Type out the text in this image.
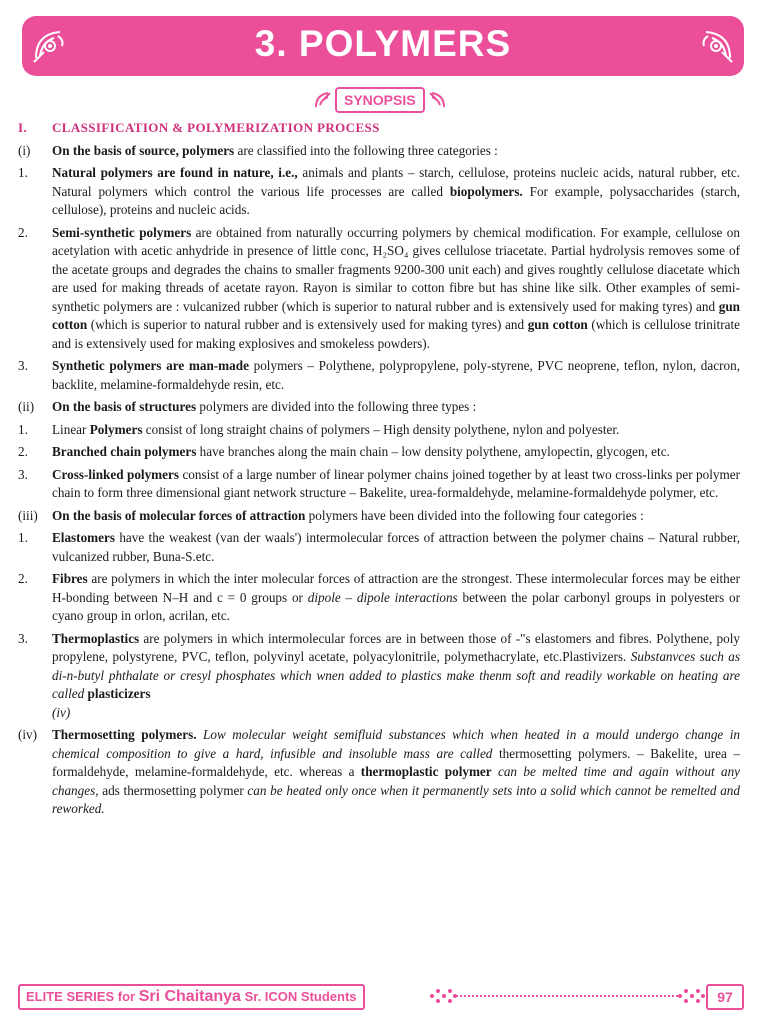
3. POLYMERS
SYNOPSIS
I.	CLASSIFICATION & POLYMERIZATION PROCESS
(i)	On the basis of source, polymers are classified into the following three categories :
1.	Natural polymers are found in nature, i.e., animals and plants – starch, cellulose, proteins nucleic acids, natural rubber, etc. Natural polymers which control the various life processes are called biopolymers. For example, polysaccharides (starch, cellulose), proteins and nucleic acids.
2.	Semi-synthetic polymers are obtained from naturally occurring polymers by chemical modification. For example, cellulose on acetylation with acetic anhydride in presence of little conc, H₂SO₄ gives cellulose triacetate. Partial hydrolysis removes some of the acetate groups and degrades the chains to smaller fragments 9200-300 unit each) and gives roughtly cellulose diacetate which are used for making threads of acetate rayon. Rayon is similar to cotton fibre but has shine like silk. Other examples of semi-synthetic polymers are : vulcanized rubber (which is superior to natural rubber and is extensively used for making tyres) and gun cotton (which is superior to natural rubber and is extensively used for making tyres) and gun cotton (which is cellulose trinitrate and is extensively used for making explosives and smokeless powders).
3.	Synthetic polymers are man-made polymers – Polythene, polypropylene, poly-styrene, PVC neoprene, teflon, nylon, dacron, backlite, melamine-formaldehyde resin, etc.
(ii)	On the basis of structures polymers are divided into the following three types :
1.	Linear Polymers consist of long straight chains of polymers – High density polythene, nylon and polyester.
2.	Branched chain polymers have branches along the main chain – low density polythene, amylopectin, glycogen, etc.
3.	Cross-linked polymers consist of a large number of linear polymer chains joined together by at least two cross-links per polymer chain to form three dimensional giant network structure – Bakelite, urea-formaldehyde, melamine-formaldehyde polymer, etc.
(iii)	On the basis of molecular forces of attraction polymers have been divided into the following four categories :
1.	Elastomers have the weakest (van der waals') intermolecular forces of attraction between the polymer chains – Natural rubber, vulcanized rubber, Buna-S.etc.
2.	Fibres are polymers in which the inter molecular forces of attraction are the strongest. These intermolecular forces may be either H-bonding between N–H and c = 0 groups or dipole – dipole interactions between the polar carbonyl groups in polyesters or cyano group in orlon, acrilan, etc.
3.	Thermoplastics are polymers in which intermolecular forces are in between those of -"s elastomers and fibres. Polythene, poly propylene, polystyrene, PVC, teflon, polyvinyl acetate, polyacylonitrile, polymethacrylate, etc.Plastivizers. Substanvces such as di-n-butyl phthalate or cresyl phosphates which wnen added to plastics make thenm soft and readily workable on heating are called plasticizers
(iv)
(iv)	Thermosetting polymers. Low molecular weight semifluid substances which when heated in a mould undergo change in chemical composition to give a hard, infusible and insoluble mass are called thermosetting polymers. – Bakelite, urea – formaldehyde, melamine-formaldehyde, etc. whereas a thermoplastic polymer can be melted time and again without any changes, ads thermosetting polymer can be heated only once when it permanently sets into a solid which cannot be remelted and reworked.
ELITE SERIES for Sri Chaitanya Sr. ICON Students	97
